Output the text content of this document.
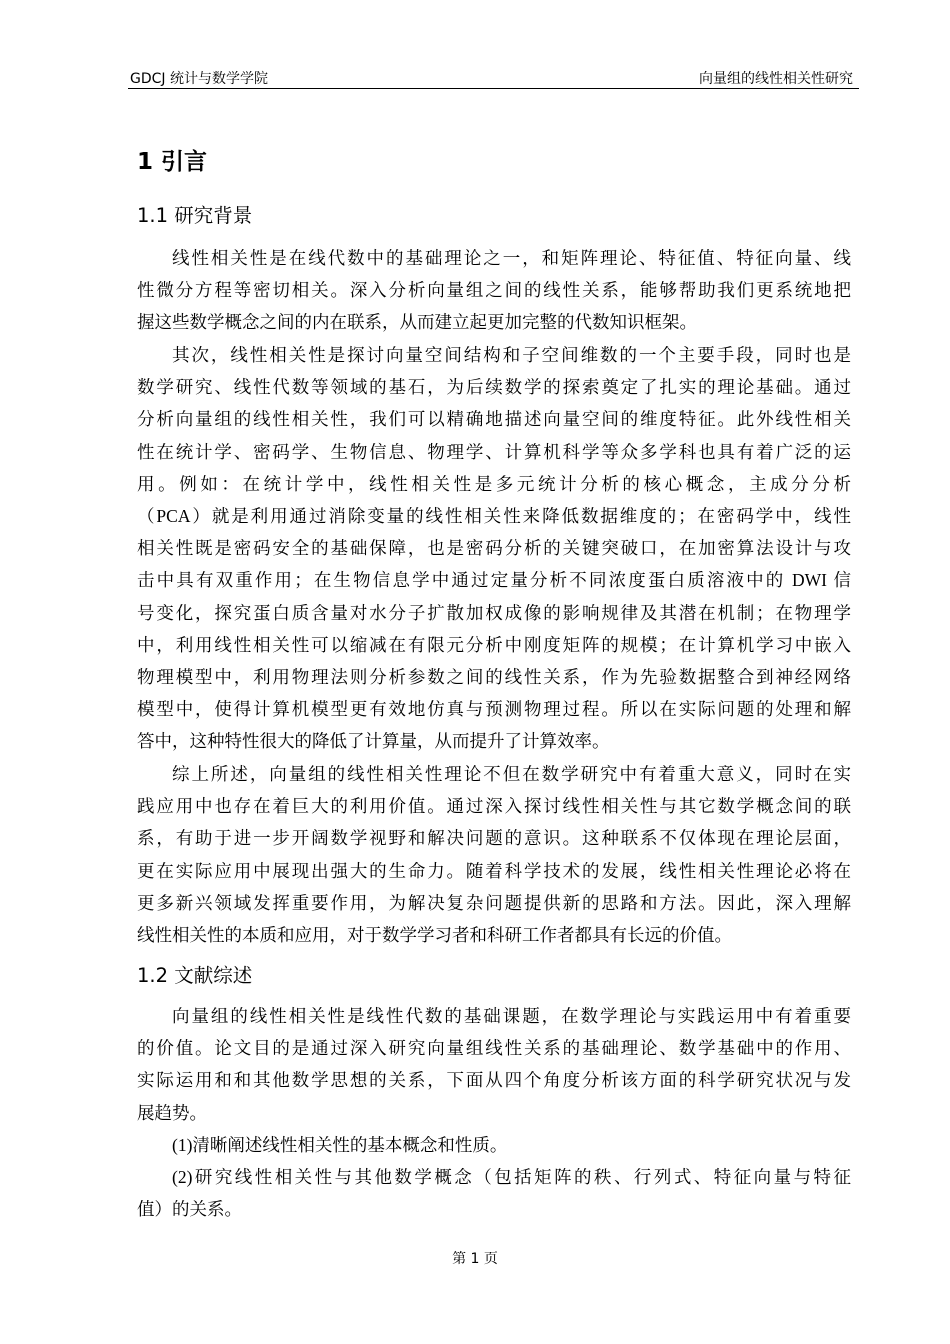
GDCJ 统计与数学学院	向量组的线性相关性研究
1 引言
1.1 研究背景
线性相关性是在线代数中的基础理论之一，和矩阵理论、特征值、特征向量、线
性微分方程等密切相关。深入分析向量组之间的线性关系，能够帮助我们更系统地把
握这些数学概念之间的内在联系，从而建立起更加完整的代数知识框架。
其次，线性相关性是探讨向量空间结构和子空间维数的一个主要手段，同时也是
数学研究、线性代数等领域的基石，为后续数学的探索奠定了扎实的理论基础。通过
分析向量组的线性相关性，我们可以精确地描述向量空间的维度特征。此外线性相关
性在统计学、密码学、生物信息、物理学、计算机科学等众多学科也具有着广泛的运
用。例如：在统计学中，线性相关性是多元统计分析的核心概念，主成分分析
（PCA）就是利用通过消除变量的线性相关性来降低数据维度的；在密码学中，线性
相关性既是密码安全的基础保障，也是密码分析的关键突破口，在加密算法设计与攻
击中具有双重作用；在生物信息学中通过定量分析不同浓度蛋白质溶液中的 DWI 信
号变化，探究蛋白质含量对水分子扩散加权成像的影响规律及其潜在机制；在物理学
中，利用线性相关性可以缩减在有限元分析中刚度矩阵的规模；在计算机学习中嵌入
物理模型中，利用物理法则分析参数之间的线性关系，作为先验数据整合到神经网络
模型中，使得计算机模型更有效地仿真与预测物理过程。所以在实际问题的处理和解
答中，这种特性很大的降低了计算量，从而提升了计算效率。
综上所述，向量组的线性相关性理论不但在数学研究中有着重大意义，同时在实
践应用中也存在着巨大的利用价值。通过深入探讨线性相关性与其它数学概念间的联
系，有助于进一步开阔数学视野和解决问题的意识。这种联系不仅体现在理论层面，
更在实际应用中展现出强大的生命力。随着科学技术的发展，线性相关性理论必将在
更多新兴领域发挥重要作用，为解决复杂问题提供新的思路和方法。因此，深入理解
线性相关性的本质和应用，对于数学学习者和科研工作者都具有长远的价值。
1.2 文献综述
向量组的线性相关性是线性代数的基础课题，在数学理论与实践运用中有着重要
的价值。论文目的是通过深入研究向量组线性关系的基础理论、数学基础中的作用、
实际运用和和其他数学思想的关系，下面从四个角度分析该方面的科学研究状况与发
展趋势。
(1)清晰阐述线性相关性的基本概念和性质。
(2)研究线性相关性与其他数学概念（包括矩阵的秩、行列式、特征向量与特征
值）的关系。
第 1 页
